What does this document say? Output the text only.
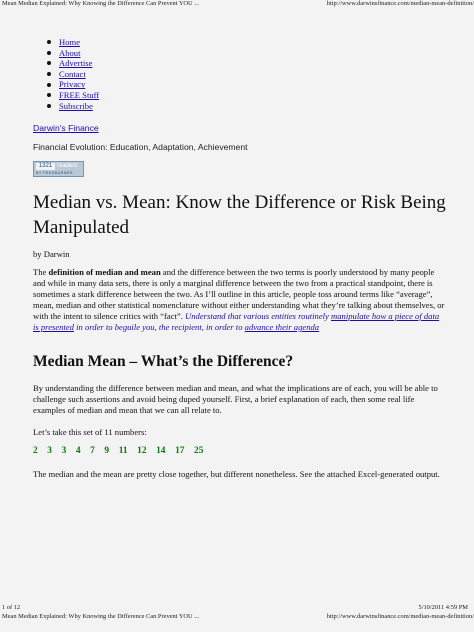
Mean Median Explained: Why Knowing the Difference Can Prevent YOU ...	http://www.darwinsfinance.com/median-mean-definition/
Home
About
Advertise
Contact
Privacy
FREE Stuff
Subscribe
Darwin's Finance
Financial Evolution: Education, Adaptation, Achievement
1321 readers
BY FEEDBURNER
Median vs. Mean: Know the Difference or Risk Being Manipulated
by Darwin

The definition of median and mean and the difference between the two terms is poorly understood by many people and while in many data sets, there is only a marginal difference between the two from a practical standpoint, there is sometimes a stark difference between the two. As I’ll outline in this article, people toss around terms like “average”, mean, median and other statistical nomenclature without either understanding what they’re talking about themselves, or with the intent to silence critics with “fact”. Understand that various entities routinely manipulate how a piece of data is presented in order to beguile you, the recipient, in order to advance their agenda

Median Mean – What’s the Difference?

By understanding the difference between median and mean, and what the implications are of each, you will be able to challenge such assertions and avoid being duped yourself. First, a brief explanation of each, then some real life examples of median and mean that we can all relate to.

Let’s take this set of 11 numbers:
2 3 3 4 7 9 11 12 14 17 25

The median and the mean are pretty close together, but different nonetheless. See the attached Excel-generated output.

1 of 12	5/10/2011 4:59 PM
Mean Median Explained: Why Knowing the Difference Can Prevent YOU ...	http://www.darwinsfinance.com/median-mean-definition/
